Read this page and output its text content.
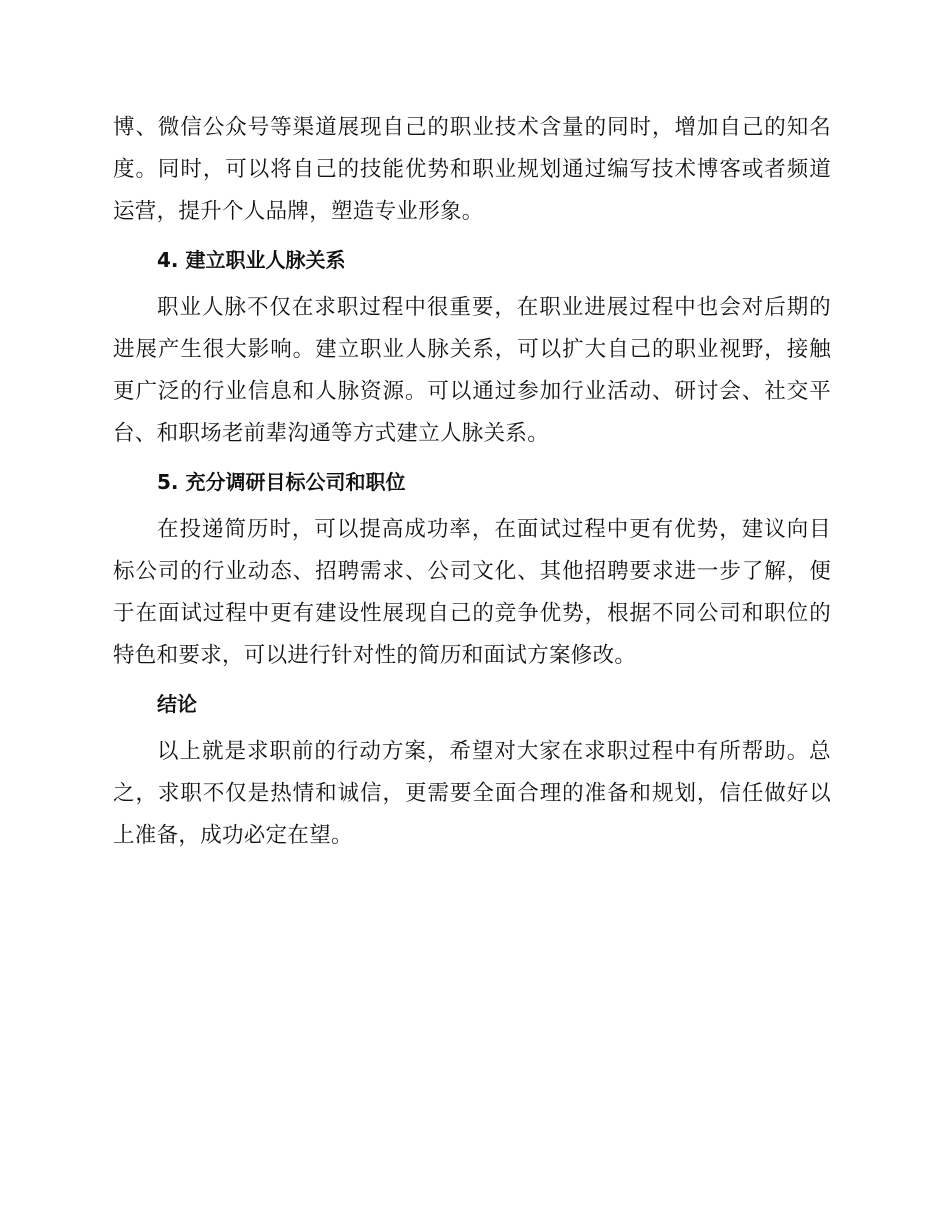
博、微信公众号等渠道展现自己的职业技术含量的同时，增加自己的知名度。同时，可以将自己的技能优势和职业规划通过编写技术博客或者频道运营，提升个人品牌，塑造专业形象。

4. 建立职业人脉关系

职业人脉不仅在求职过程中很重要，在职业进展过程中也会对后期的进展产生很大影响。建立职业人脉关系，可以扩大自己的职业视野，接触更广泛的行业信息和人脉资源。可以通过参加行业活动、研讨会、社交平台、和职场老前辈沟通等方式建立人脉关系。

5. 充分调研目标公司和职位

在投递简历时，可以提高成功率，在面试过程中更有优势，建议向目标公司的行业动态、招聘需求、公司文化、其他招聘要求进一步了解，便于在面试过程中更有建设性展现自己的竞争优势，根据不同公司和职位的特色和要求，可以进行针对性的简历和面试方案修改。

结论

以上就是求职前的行动方案，希望对大家在求职过程中有所帮助。总之，求职不仅是热情和诚信，更需要全面合理的准备和规划，信任做好以上准备，成功必定在望。
